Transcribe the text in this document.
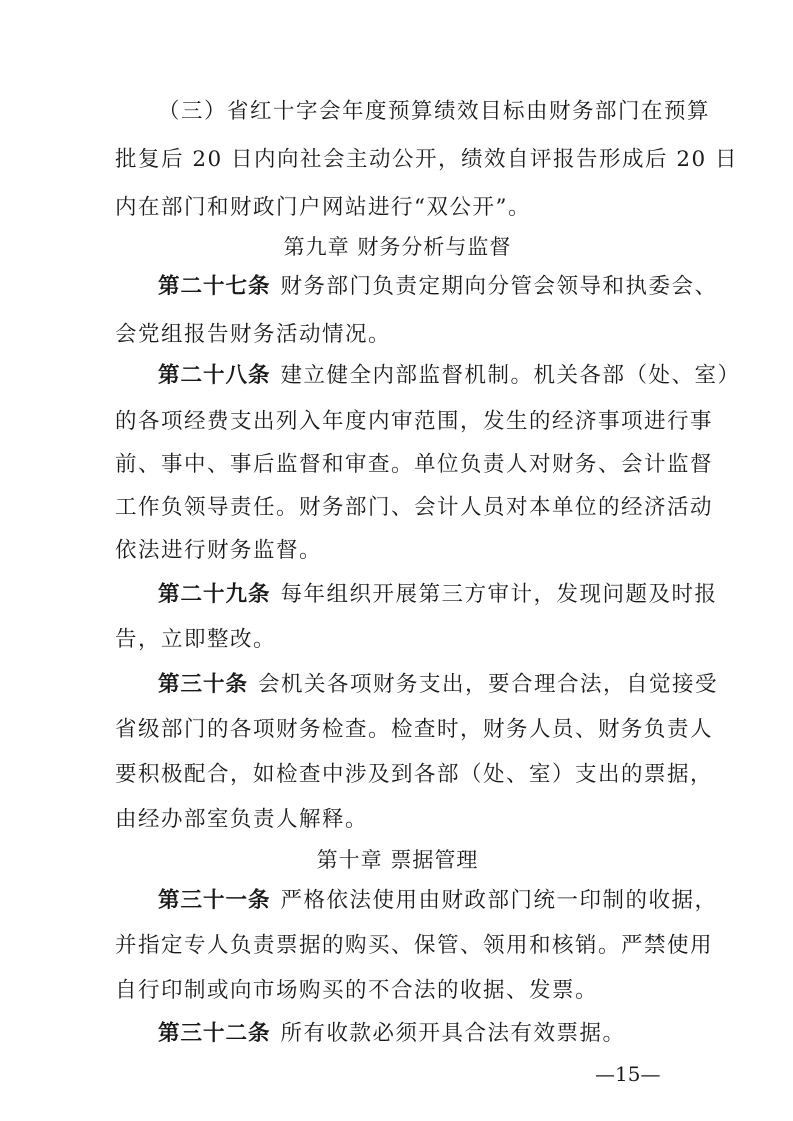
（三）省红十字会年度预算绩效目标由财务部门在预算
批复后 20 日内向社会主动公开，绩效自评报告形成后 20 日
内在部门和财政门户网站进行“双公开”。
第九章 财务分析与监督
第二十七条 财务部门负责定期向分管会领导和执委会、
会党组报告财务活动情况。
第二十八条 建立健全内部监督机制。机关各部（处、室）
的各项经费支出列入年度内审范围，发生的经济事项进行事
前、事中、事后监督和审查。单位负责人对财务、会计监督
工作负领导责任。财务部门、会计人员对本单位的经济活动
依法进行财务监督。
第二十九条 每年组织开展第三方审计，发现问题及时报
告，立即整改。
第三十条 会机关各项财务支出，要合理合法，自觉接受
省级部门的各项财务检查。检查时，财务人员、财务负责人
要积极配合，如检查中涉及到各部（处、室）支出的票据，
由经办部室负责人解释。
第十章 票据管理
第三十一条 严格依法使用由财政部门统一印制的收据，
并指定专人负责票据的购买、保管、领用和核销。严禁使用
自行印制或向市场购买的不合法的收据、发票。
第三十二条 所有收款必须开具合法有效票据。
—15—
